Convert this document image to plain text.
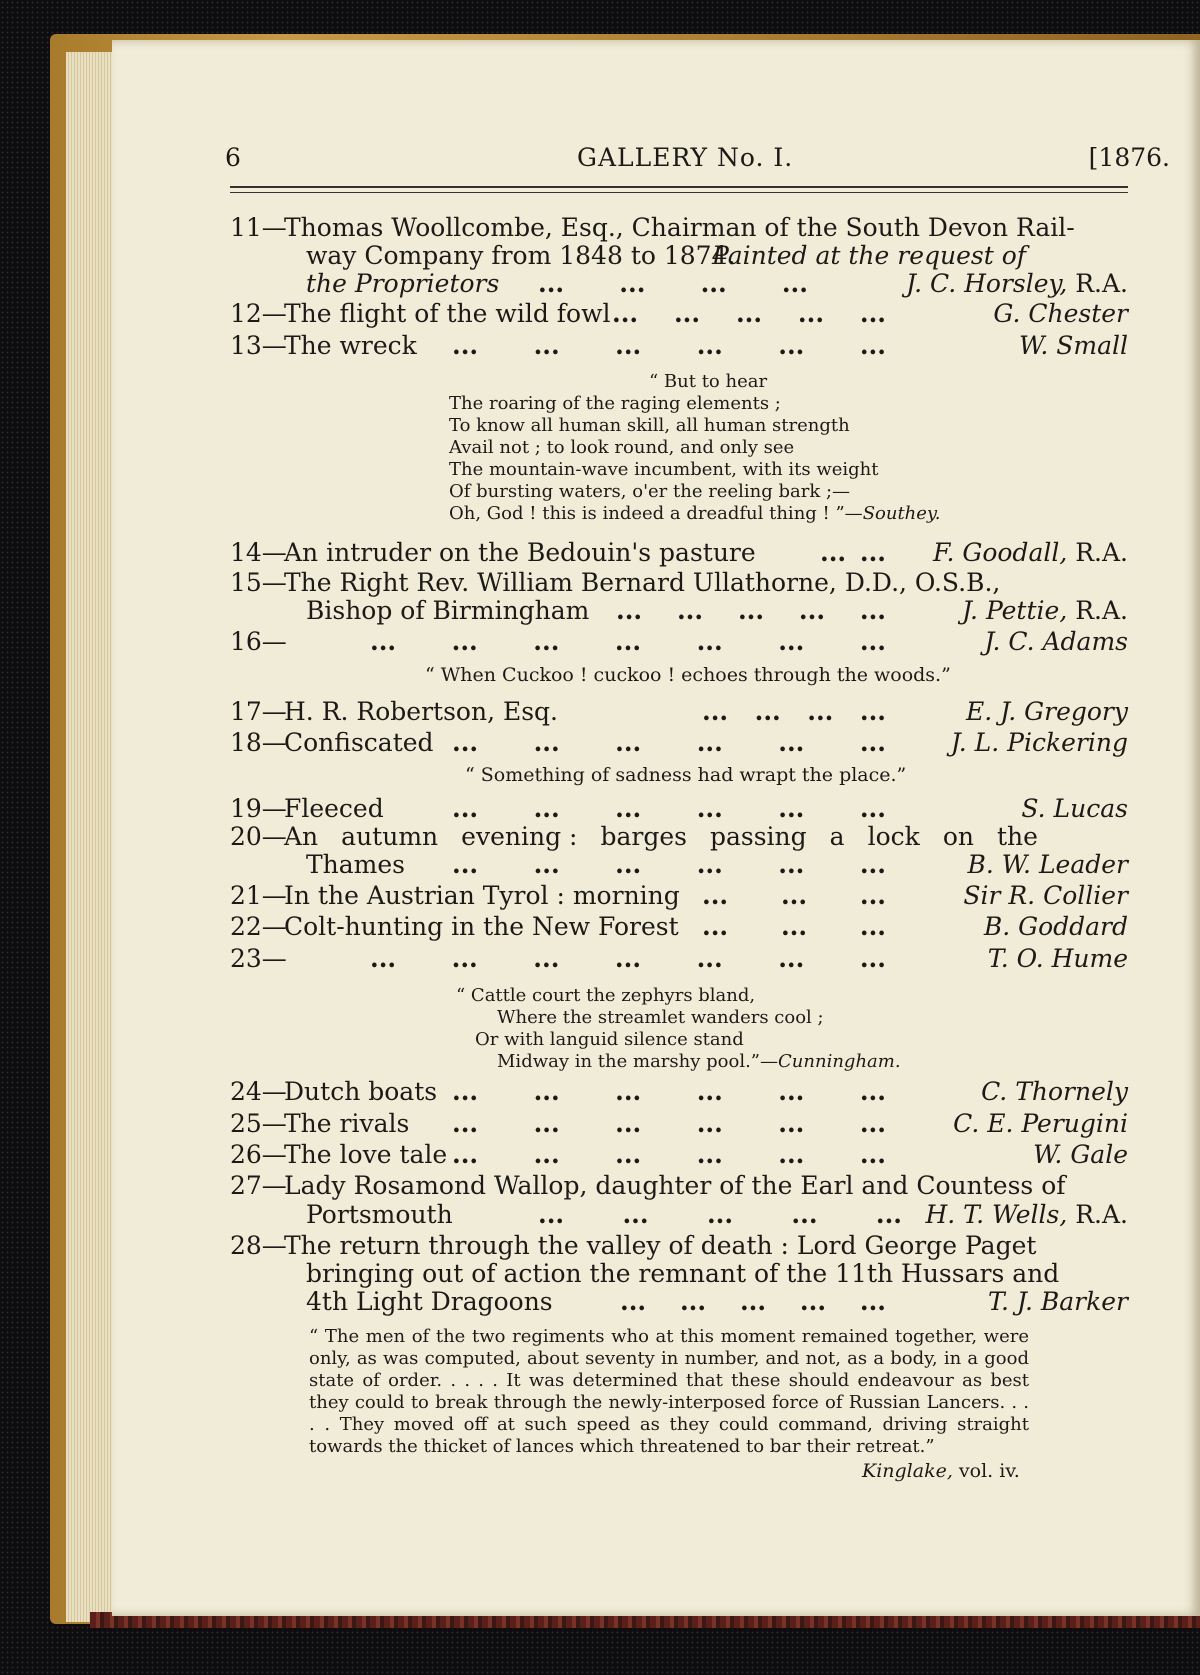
6	GALLERY No. I.	[1876.
11—
Thomas Woollcombe, Esq., Chairman of the South Devon Rail-
way Company from 1848 to 1874.
Painted at the request of
the Proprietors ... ... ... ...	J. C. Horsley, R.A.
12—
The flight of the wild fowl ... ... ... ... ...	G. Chester
13—
The wreck ... ... ... ... ... ...	W. Small
“ But to hear
The roaring of the raging elements ;
To know all human skill, all human strength
Avail not ; to look round, and only see
The mountain-wave incumbent, with its weight
Of bursting waters, o'er the reeling bark ;—
Oh, God ! this is indeed a dreadful thing ! ”—Southey.
14—
An intruder on the Bedouin's pasture	... ... F. Goodall, R.A.
15—
The Right Rev. William Bernard Ullathorne, D.D., O.S.B.,
Bishop of Birmingham ... ... ... ... ...	J. Pettie, R.A.
16—	... ... ... ... ... ... ...	J. C. Adams
“ When Cuckoo ! cuckoo ! echoes through the woods.”
17—
H. R. Robertson, Esq.	... ... ... ...	E. J. Gregory
18—
Confiscated ... ... ... ... ... ...	J. L. Pickering
“ Something of sadness had wrapt the place.”
19—
Fleeced	... ... ... ... ... ...	S. Lucas
20—
An autumn evening : barges passing a lock on the
Thames ... ... ... ... ... ...	B. W. Leader
21—
In the Austrian Tyrol : morning ... ... ...	Sir R. Collier
22—
Colt-hunting in the New Forest ... ... ...	B. Goddard
23—	... ... ... ... ... ... ...	T. O. Hume
“ Cattle court the zephyrs bland,
Where the streamlet wanders cool ;
Or with languid silence stand
Midway in the marshy pool.”—Cunningham.
24—
Dutch boats ... ... ... ... ... ...	C. Thornely
25—
The rivals ... ... ... ... ... ...	C. E. Perugini
26—
The love tale ... ... ... ... ... ...	W. Gale
27—
Lady Rosamond Wallop, daughter of the Earl and Countess of
Portsmouth	... ... ... ... ... H. T. Wells, R.A.
28—
The return through the valley of death : Lord George Paget
bringing out of action the remnant of the 11th Hussars and
4th Light Dragoons	... ... ... ... ...	T. J. Barker
“ The men of the two regiments who at this moment remained together, were only, as was computed, about seventy in number, and not, as a body, in a good state of order. . . . . It was determined that these should endeavour as best they could to break through the newly-interposed force of Russian Lancers. . . . . They moved off at such speed as they could command, driving straight towards the thicket of lances which threatened to bar their retreat.”
Kinglake, vol. iv.
